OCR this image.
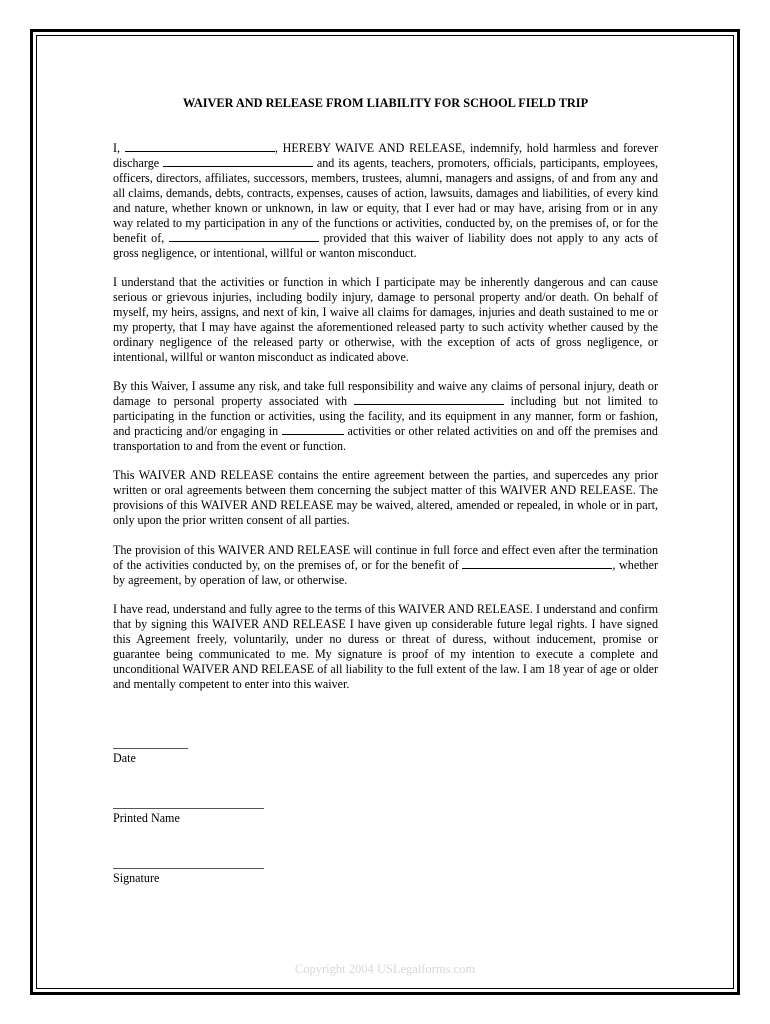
WAIVER AND RELEASE FROM LIABILITY FOR SCHOOL FIELD TRIP

I,	, HEREBY WAIVE AND RELEASE, indemnify, hold harmless and forever discharge	and its agents, teachers, promoters, officials, participants, employees, officers, directors, affiliates, successors, members, trustees, alumni, managers and assigns, of and from any and all claims, demands, debts, contracts, expenses, causes of action, lawsuits, damages and liabilities, of every kind and nature, whether known or unknown, in law or equity, that I ever had or may have, arising from or in any way related to my participation in any of the functions or activities, conducted by, on the premises of, or for the benefit of,	provided that this waiver of liability does not apply to any acts of gross negligence, or intentional, willful or wanton misconduct.

I understand that the activities or function in which I participate may be inherently dangerous and can cause serious or grievous injuries, including bodily injury, damage to personal property and/or death. On behalf of myself, my heirs, assigns, and next of kin, I waive all claims for damages, injuries and death sustained to me or my property, that I may have against the aforementioned released party to such activity whether caused by the ordinary negligence of the released party or otherwise, with the exception of acts of gross negligence, or intentional, willful or wanton misconduct as indicated above.

By this Waiver, I assume any risk, and take full responsibility and waive any claims of personal injury, death or damage to personal property associated with	including but not limited to participating in the function or activities, using the facility, and its equipment in any manner, form or fashion, and practicing and/or engaging in	activities or other related activities on and off the premises and transportation to and from the event or function.

This WAIVER AND RELEASE contains the entire agreement between the parties, and supercedes any prior written or oral agreements between them concerning the subject matter of this WAIVER AND RELEASE. The provisions of this WAIVER AND RELEASE may be waived, altered, amended or repealed, in whole or in part, only upon the prior written consent of all parties.

The provision of this WAIVER AND RELEASE will continue in full force and effect even after the termination of the activities conducted by, on the premises of, or for the benefit of	, whether by agreement, by operation of law, or otherwise.

I have read, understand and fully agree to the terms of this WAIVER AND RELEASE. I understand and confirm that by signing this WAIVER AND RELEASE I have given up considerable future legal rights. I have signed this Agreement freely, voluntarily, under no duress or threat of duress, without inducement, promise or guarantee being communicated to me. My signature is proof of my intention to execute a complete and unconditional WAIVER AND RELEASE of all liability to the full extent of the law. I am 18 year of age or older and mentally competent to enter into this waiver.

Date
Printed Name
Signature
Copyright 2004 USLegalforms.com
